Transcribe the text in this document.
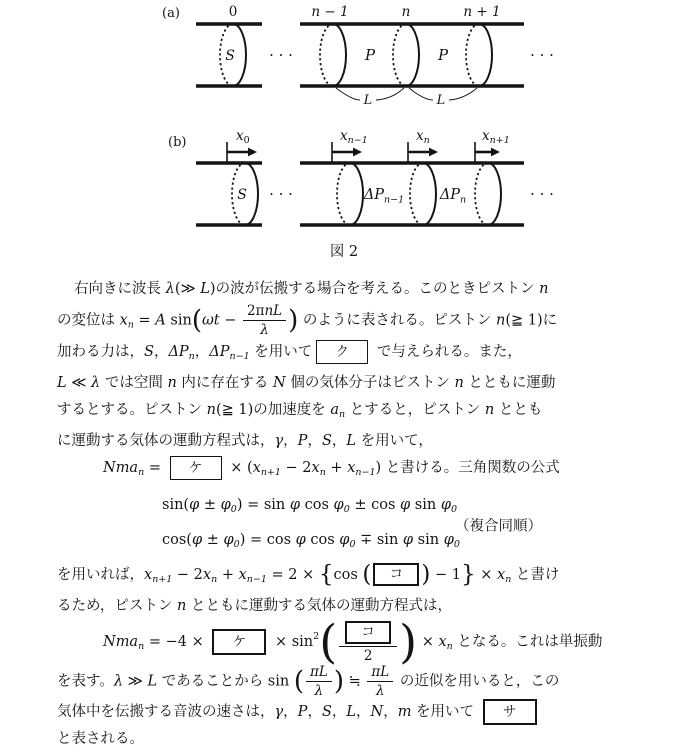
(a)	0
S · · ·
n − 1	n	n + 1
P	P
L	L
· · ·
(b)	$x_0$	$x_{n-1}$	$x_n$	$x_{n+1}$
S · · ·	$\Delta P_{n-1}$ $\Delta P_n$	· · ·
図 2
右向きに波長 λ(≫ L)の波が伝搬する場合を考える。このときピストン n
の変位は $x_n = A$ $\sin(\omega t - \frac{\text{2πnL}}{\lambda}$ ) のように表される。ピストン n(≧ 1)に
加わる力は，S，$\Delta P_n$，$\Delta P_{n-1}$ を用いて ク で与えられる。また，
L ≪ λ では空間 n 内に存在する N 個の気体分子はピストン n とともに運動
するとする。ピストン n(≧ 1)の加速度を $a_n$ とすると，ピストン n ととも
に運動する気体の運動方程式は，γ，P，S，L を用いて，
Nma$_n$ = ケ × $(x_{n+1} - 2x_n + x_{n-1})$ と書ける。三角関数の公式
$\sin(\varphi \pm \varphi_0) = \sin \varphi$ $\cos \varphi_0 \pm \cos \varphi$ $\sin \varphi_0$
$\cos(\varphi \pm \varphi_0) = \cos \varphi$ $\cos \varphi_0 \mp \sin \varphi$ $\sin \varphi_0$
（複合同順）
を用いれば，$x_{n+1} - 2x_n + x_{n-1} = 2 \times \{\cos$ ( コ ) − $1\} \times x_n$ と書け
るため，ピストン n とともに運動する気体の運動方程式は，
Nma$_n$ = −4 × ケ × $\sin^2( \frac{\text{コ}}{2}$ ) × $x_n$ となる。これは単振動
を表す。λ ≫ L であることから sin ( $\frac{\pi L}{\lambda}$ ) ≒ $\frac{\pi L}{\lambda}$ の近似を用いると，この
気体中を伝搬する音波の速さは，γ，P，S，L，N，m を用いて サ
と表される。
